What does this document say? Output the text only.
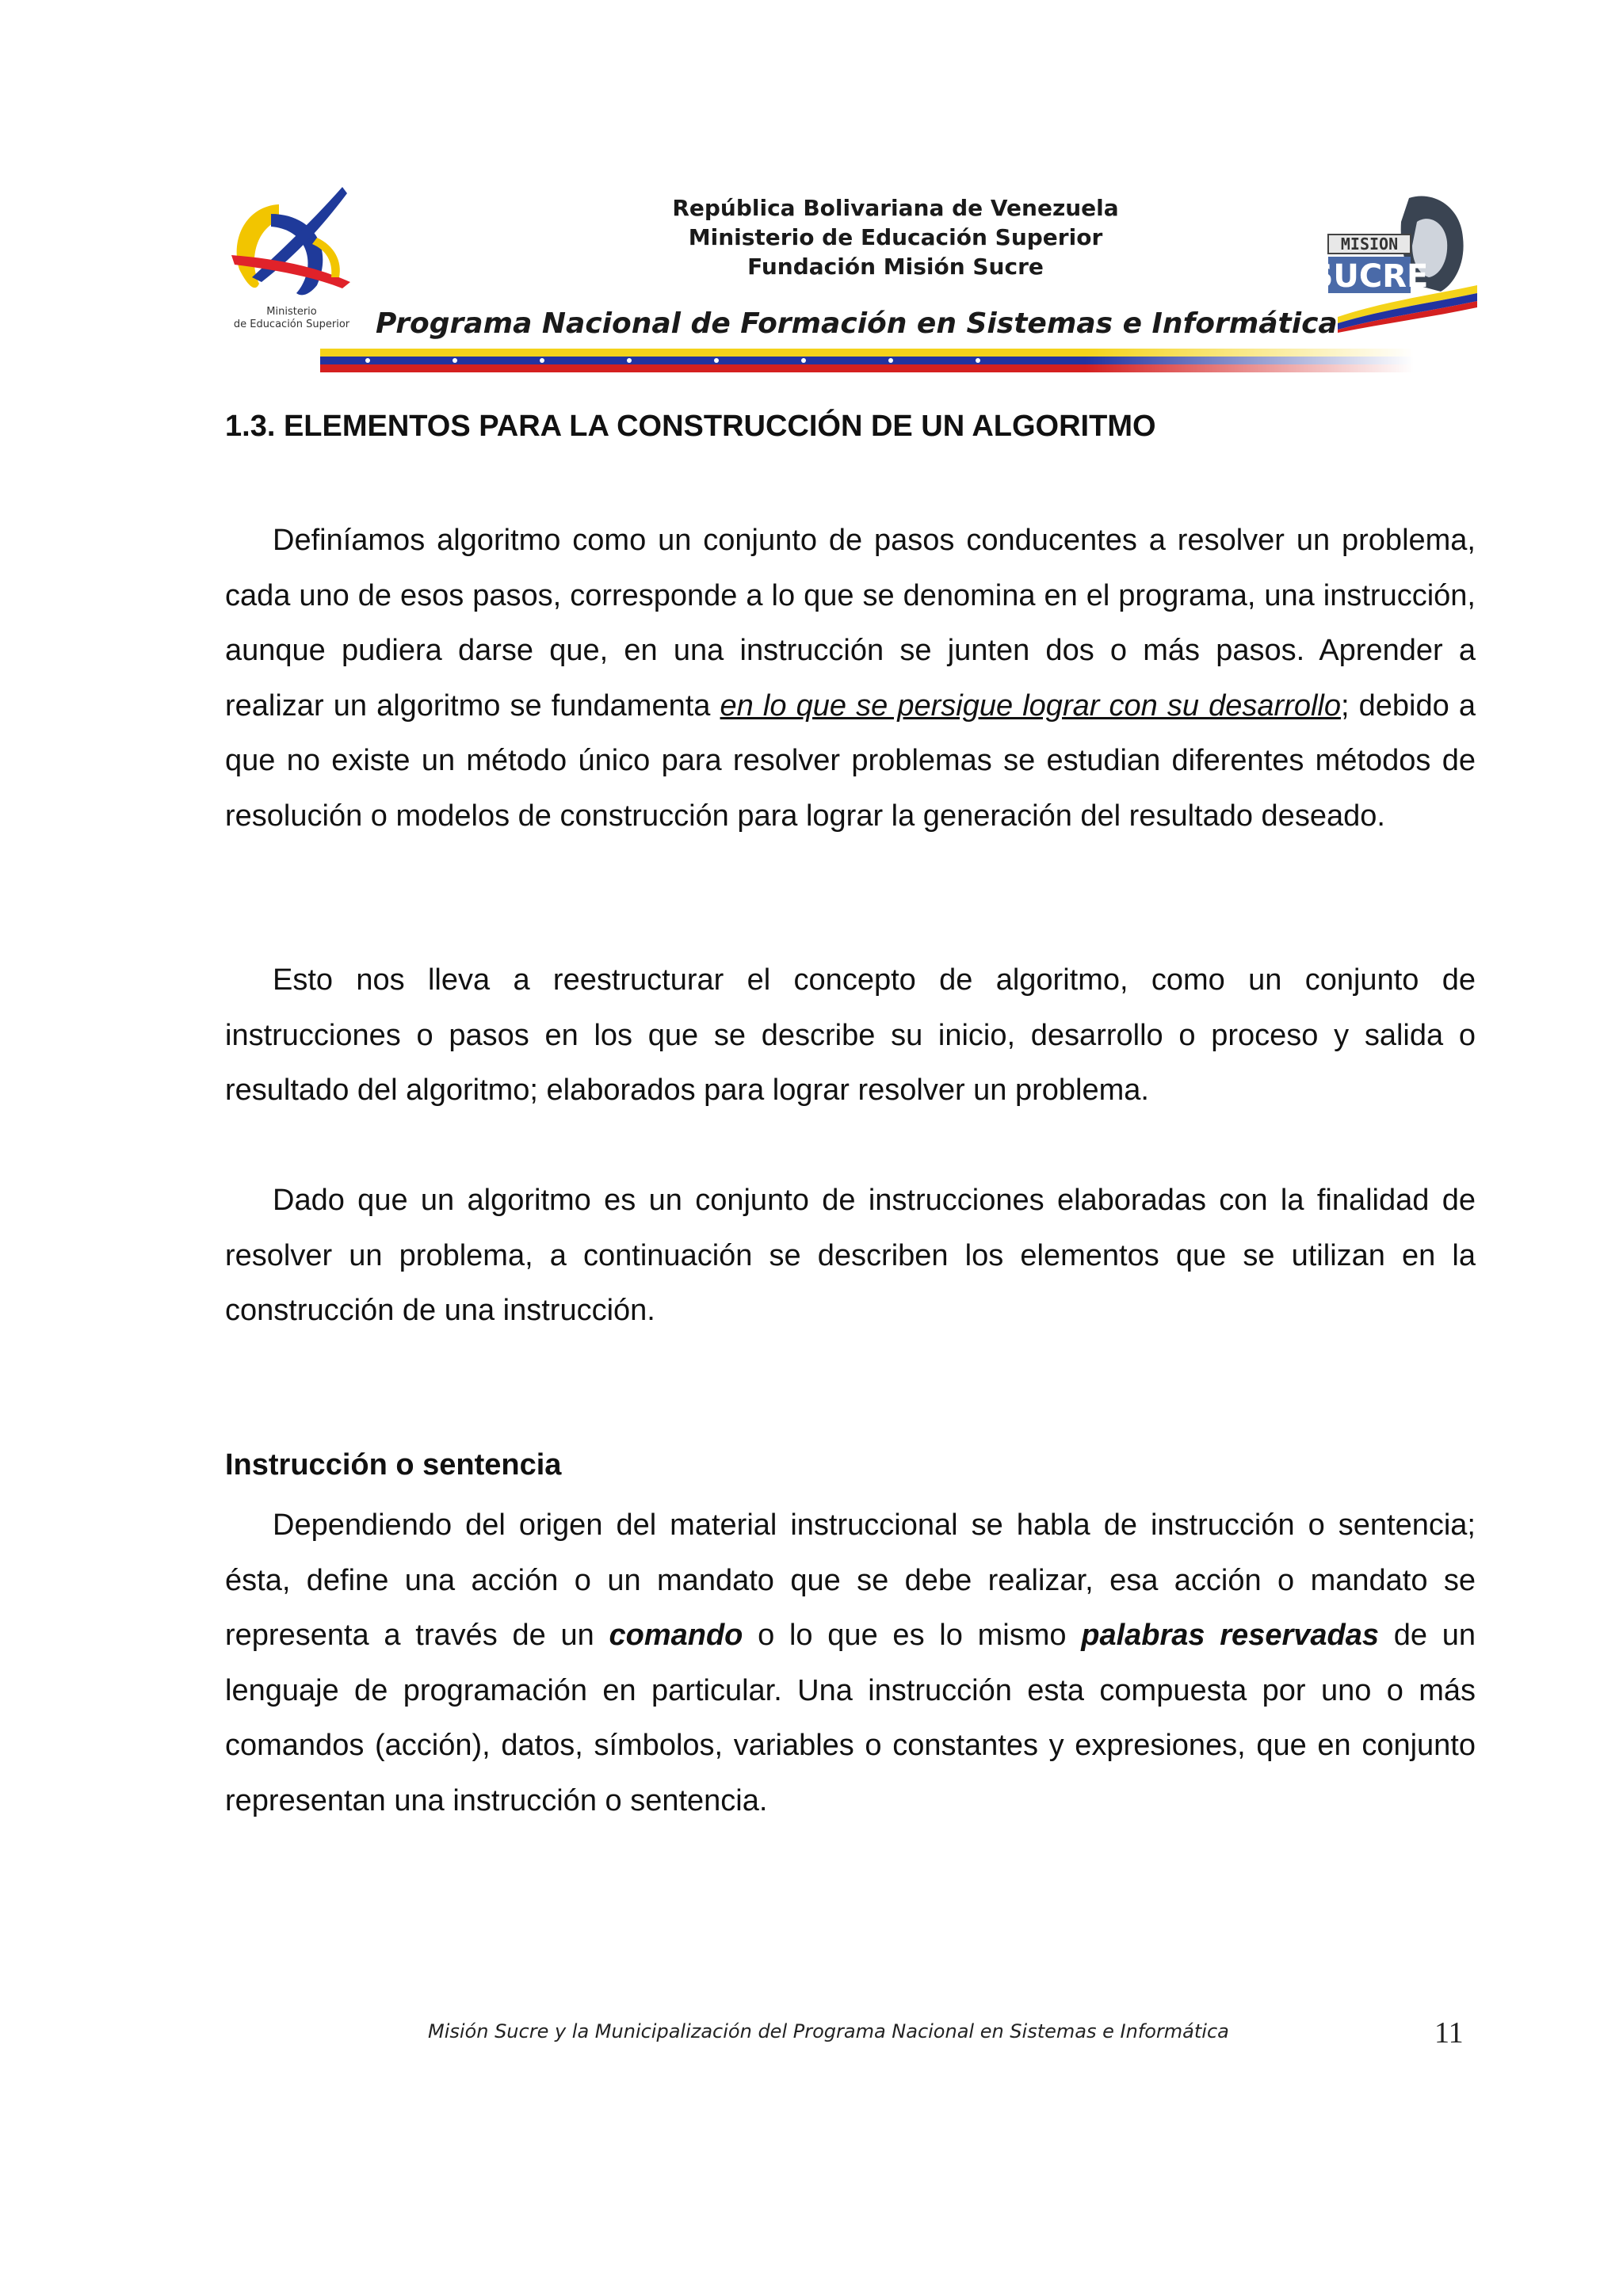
Ministerio
de Educación Superior
República Bolivariana de Venezuela
Ministerio de Educación Superior
Fundación Misión Sucre
MISION
SUCRE
Programa Nacional de Formación en Sistemas e Informática
1.3. ELEMENTOS PARA LA CONSTRUCCIÓN DE UN ALGORITMO

Definíamos algoritmo como un conjunto de pasos conducentes a resolver un problema, cada uno de esos pasos, corresponde a lo que se denomina en el programa, una instrucción, aunque pudiera darse que, en una instrucción se junten dos o más pasos. Aprender a realizar un algoritmo se fundamenta en lo que se persigue lograr con su desarrollo; debido a que no existe un método único para resolver problemas se estudian diferentes métodos de resolución o modelos de construcción para lograr la generación del resultado deseado.

Esto nos lleva a reestructurar el concepto de algoritmo, como un conjunto de instrucciones o pasos en los que se describe su inicio, desarrollo o proceso y salida o resultado del algoritmo; elaborados para lograr resolver un problema.

Dado que un algoritmo es un conjunto de instrucciones elaboradas con la finalidad de resolver un problema, a continuación se describen los elementos que se utilizan en la construcción de una instrucción.

Instrucción o sentencia

Dependiendo del origen del material instruccional se habla de instrucción o sentencia; ésta, define una acción o un mandato que se debe realizar, esa acción o mandato se representa a través de un comando o lo que es lo mismo palabras reservadas de un lenguaje de programación en particular. Una instrucción esta compuesta por uno o más comandos (acción), datos, símbolos, variables o constantes y expresiones, que en conjunto representan una instrucción o sentencia.

Misión Sucre y la Municipalización del Programa Nacional en Sistemas e Informática	11
